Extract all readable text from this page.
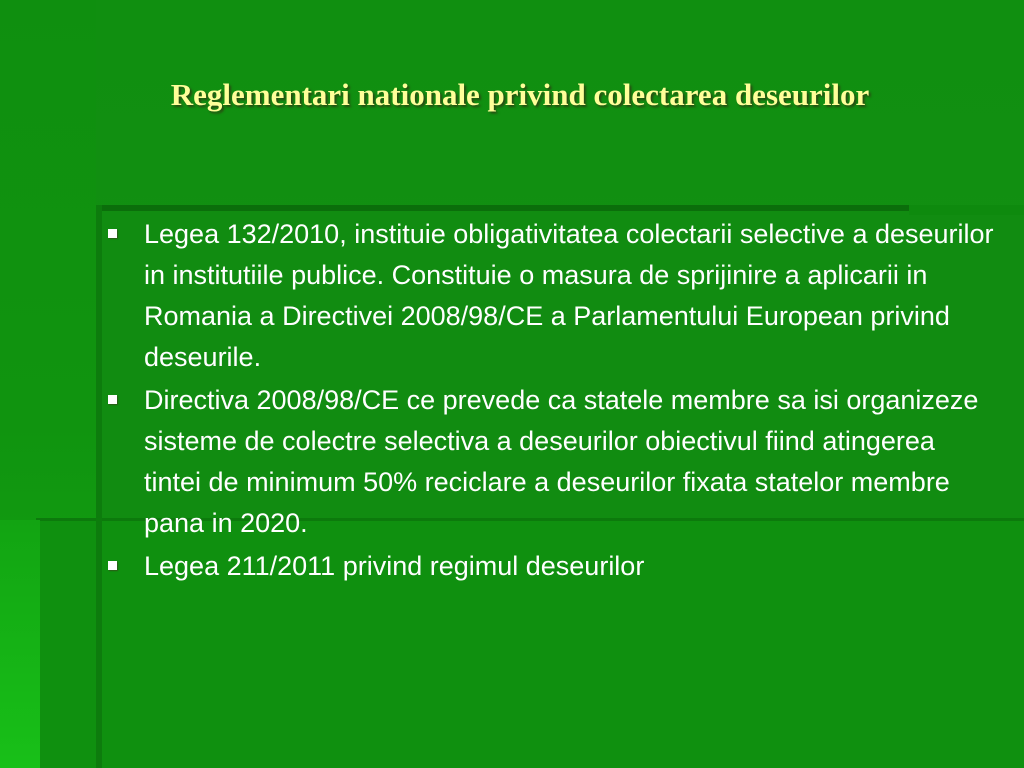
Reglementari nationale privind colectarea deseurilor
Legea 132/2010, instituie obligativitatea colectarii selective a deseurilor in institutiile publice. Constituie o masura de sprijinire a aplicarii in Romania a Directivei 2008/98/CE a Parlamentului European privind deseurile.
Directiva 2008/98/CE ce prevede ca statele membre sa isi organizeze sisteme de colectre selectiva a deseurilor obiectivul fiind atingerea tintei de minimum 50% reciclare a deseurilor fixata statelor membre pana in 2020.
Legea 211/2011 privind regimul deseurilor
